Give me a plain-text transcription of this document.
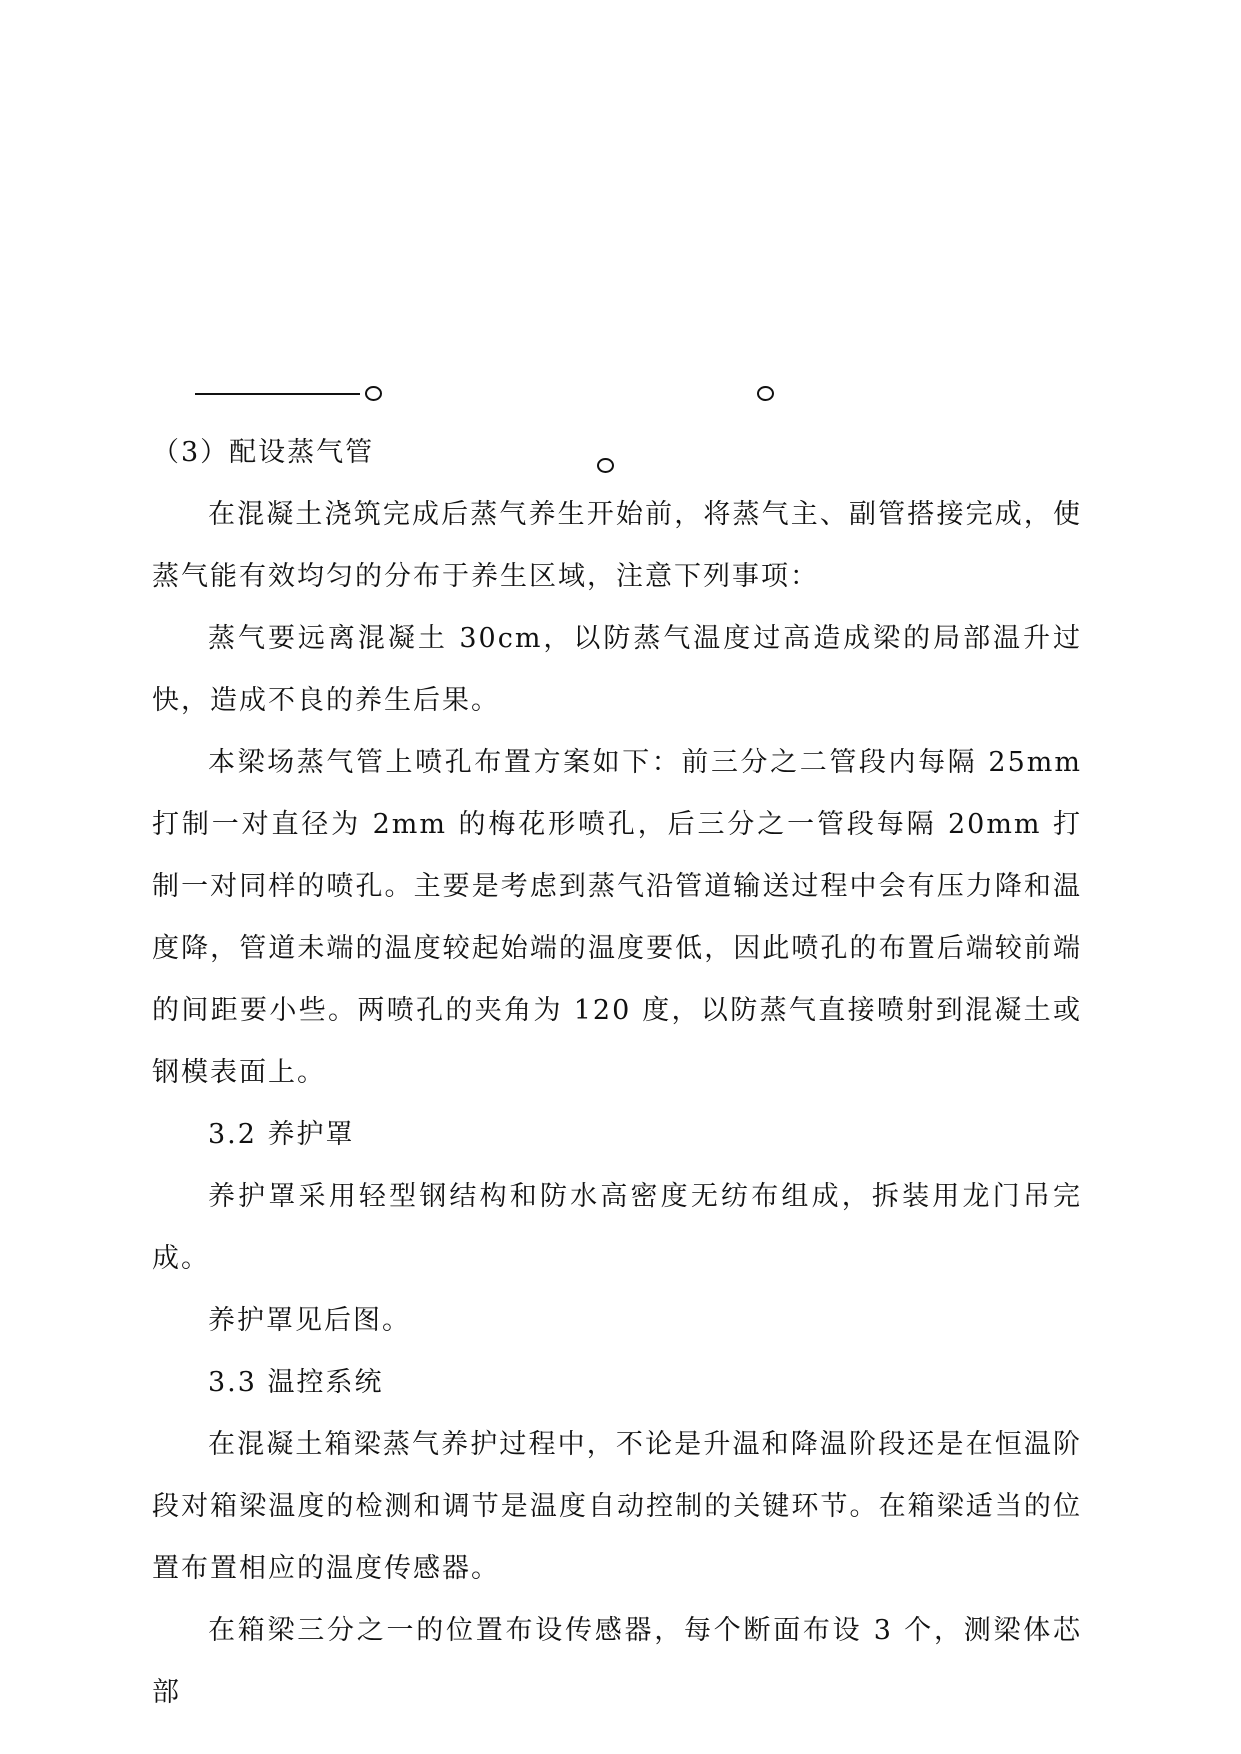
（3）配设蒸气管

在混凝土浇筑完成后蒸气养生开始前，将蒸气主、副管搭接完成，使蒸气能有效均匀的分布于养生区域，注意下列事项：

蒸气要远离混凝土 30cm，以防蒸气温度过高造成梁的局部温升过快，造成不良的养生后果。

本梁场蒸气管上喷孔布置方案如下：前三分之二管段内每隔 25mm 打制一对直径为 2mm 的梅花形喷孔，后三分之一管段每隔 20mm 打制一对同样的喷孔。主要是考虑到蒸气沿管道输送过程中会有压力降和温度降，管道未端的温度较起始端的温度要低，因此喷孔的布置后端较前端的间距要小些。两喷孔的夹角为 120 度，以防蒸气直接喷射到混凝土或钢模表面上。

3.2 养护罩

养护罩采用轻型钢结构和防水高密度无纺布组成，拆装用龙门吊完成。

养护罩见后图。

3.3 温控系统

在混凝土箱梁蒸气养护过程中，不论是升温和降温阶段还是在恒温阶段对箱梁温度的检测和调节是温度自动控制的关键环节。在箱梁适当的位置布置相应的温度传感器。

在箱梁三分之一的位置布设传感器，每个断面布设 3 个，测梁体芯部
